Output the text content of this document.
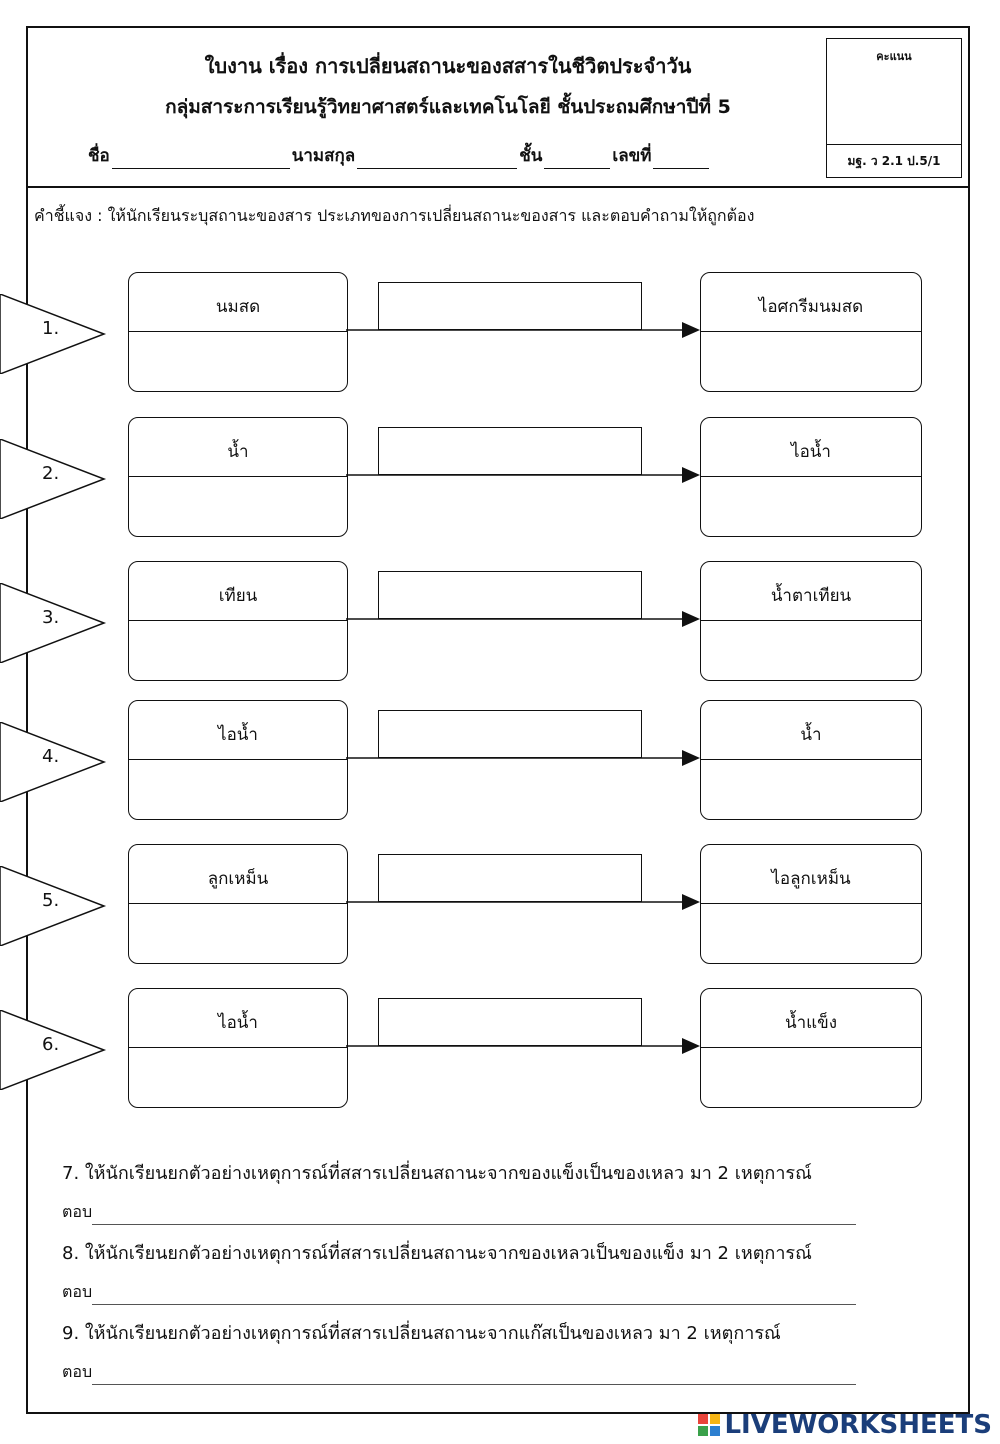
ใบงาน เรื่อง การเปลี่ยนสถานะของสสารในชีวิตประจำวัน
กลุ่มสาระการเรียนรู้วิทยาศาสตร์และเทคโนโลยี ชั้นประถมศึกษาปีที่ 5
ชื่อ	นามสกุล	ชั้น	เลขที่
คะแนน
มฐ. ว 2.1 ป.5/1
คำชี้แจง : ให้นักเรียนระบุสถานะของสาร ประเภทของการเปลี่ยนสถานะของสาร และตอบคำถามให้ถูกต้อง
1.
นมสด	ไอศกรีมนมสด
2.
น้ำ	ไอน้ำ
3.
เทียน	น้ำตาเทียน
4.
ไอน้ำ	น้ำ
5.
ลูกเหม็น	ไอลูกเหม็น
6.
ไอน้ำ	น้ำแข็ง
7. ให้นักเรียนยกตัวอย่างเหตุการณ์ที่สสารเปลี่ยนสถานะจากของแข็งเป็นของเหลว มา 2 เหตุการณ์
ตอบ
8. ให้นักเรียนยกตัวอย่างเหตุการณ์ที่สสารเปลี่ยนสถานะจากของเหลวเป็นของแข็ง มา 2 เหตุการณ์
ตอบ
9. ให้นักเรียนยกตัวอย่างเหตุการณ์ที่สสารเปลี่ยนสถานะจากแก๊สเป็นของเหลว มา 2 เหตุการณ์
ตอบ
LIVEWORKSHEETS
